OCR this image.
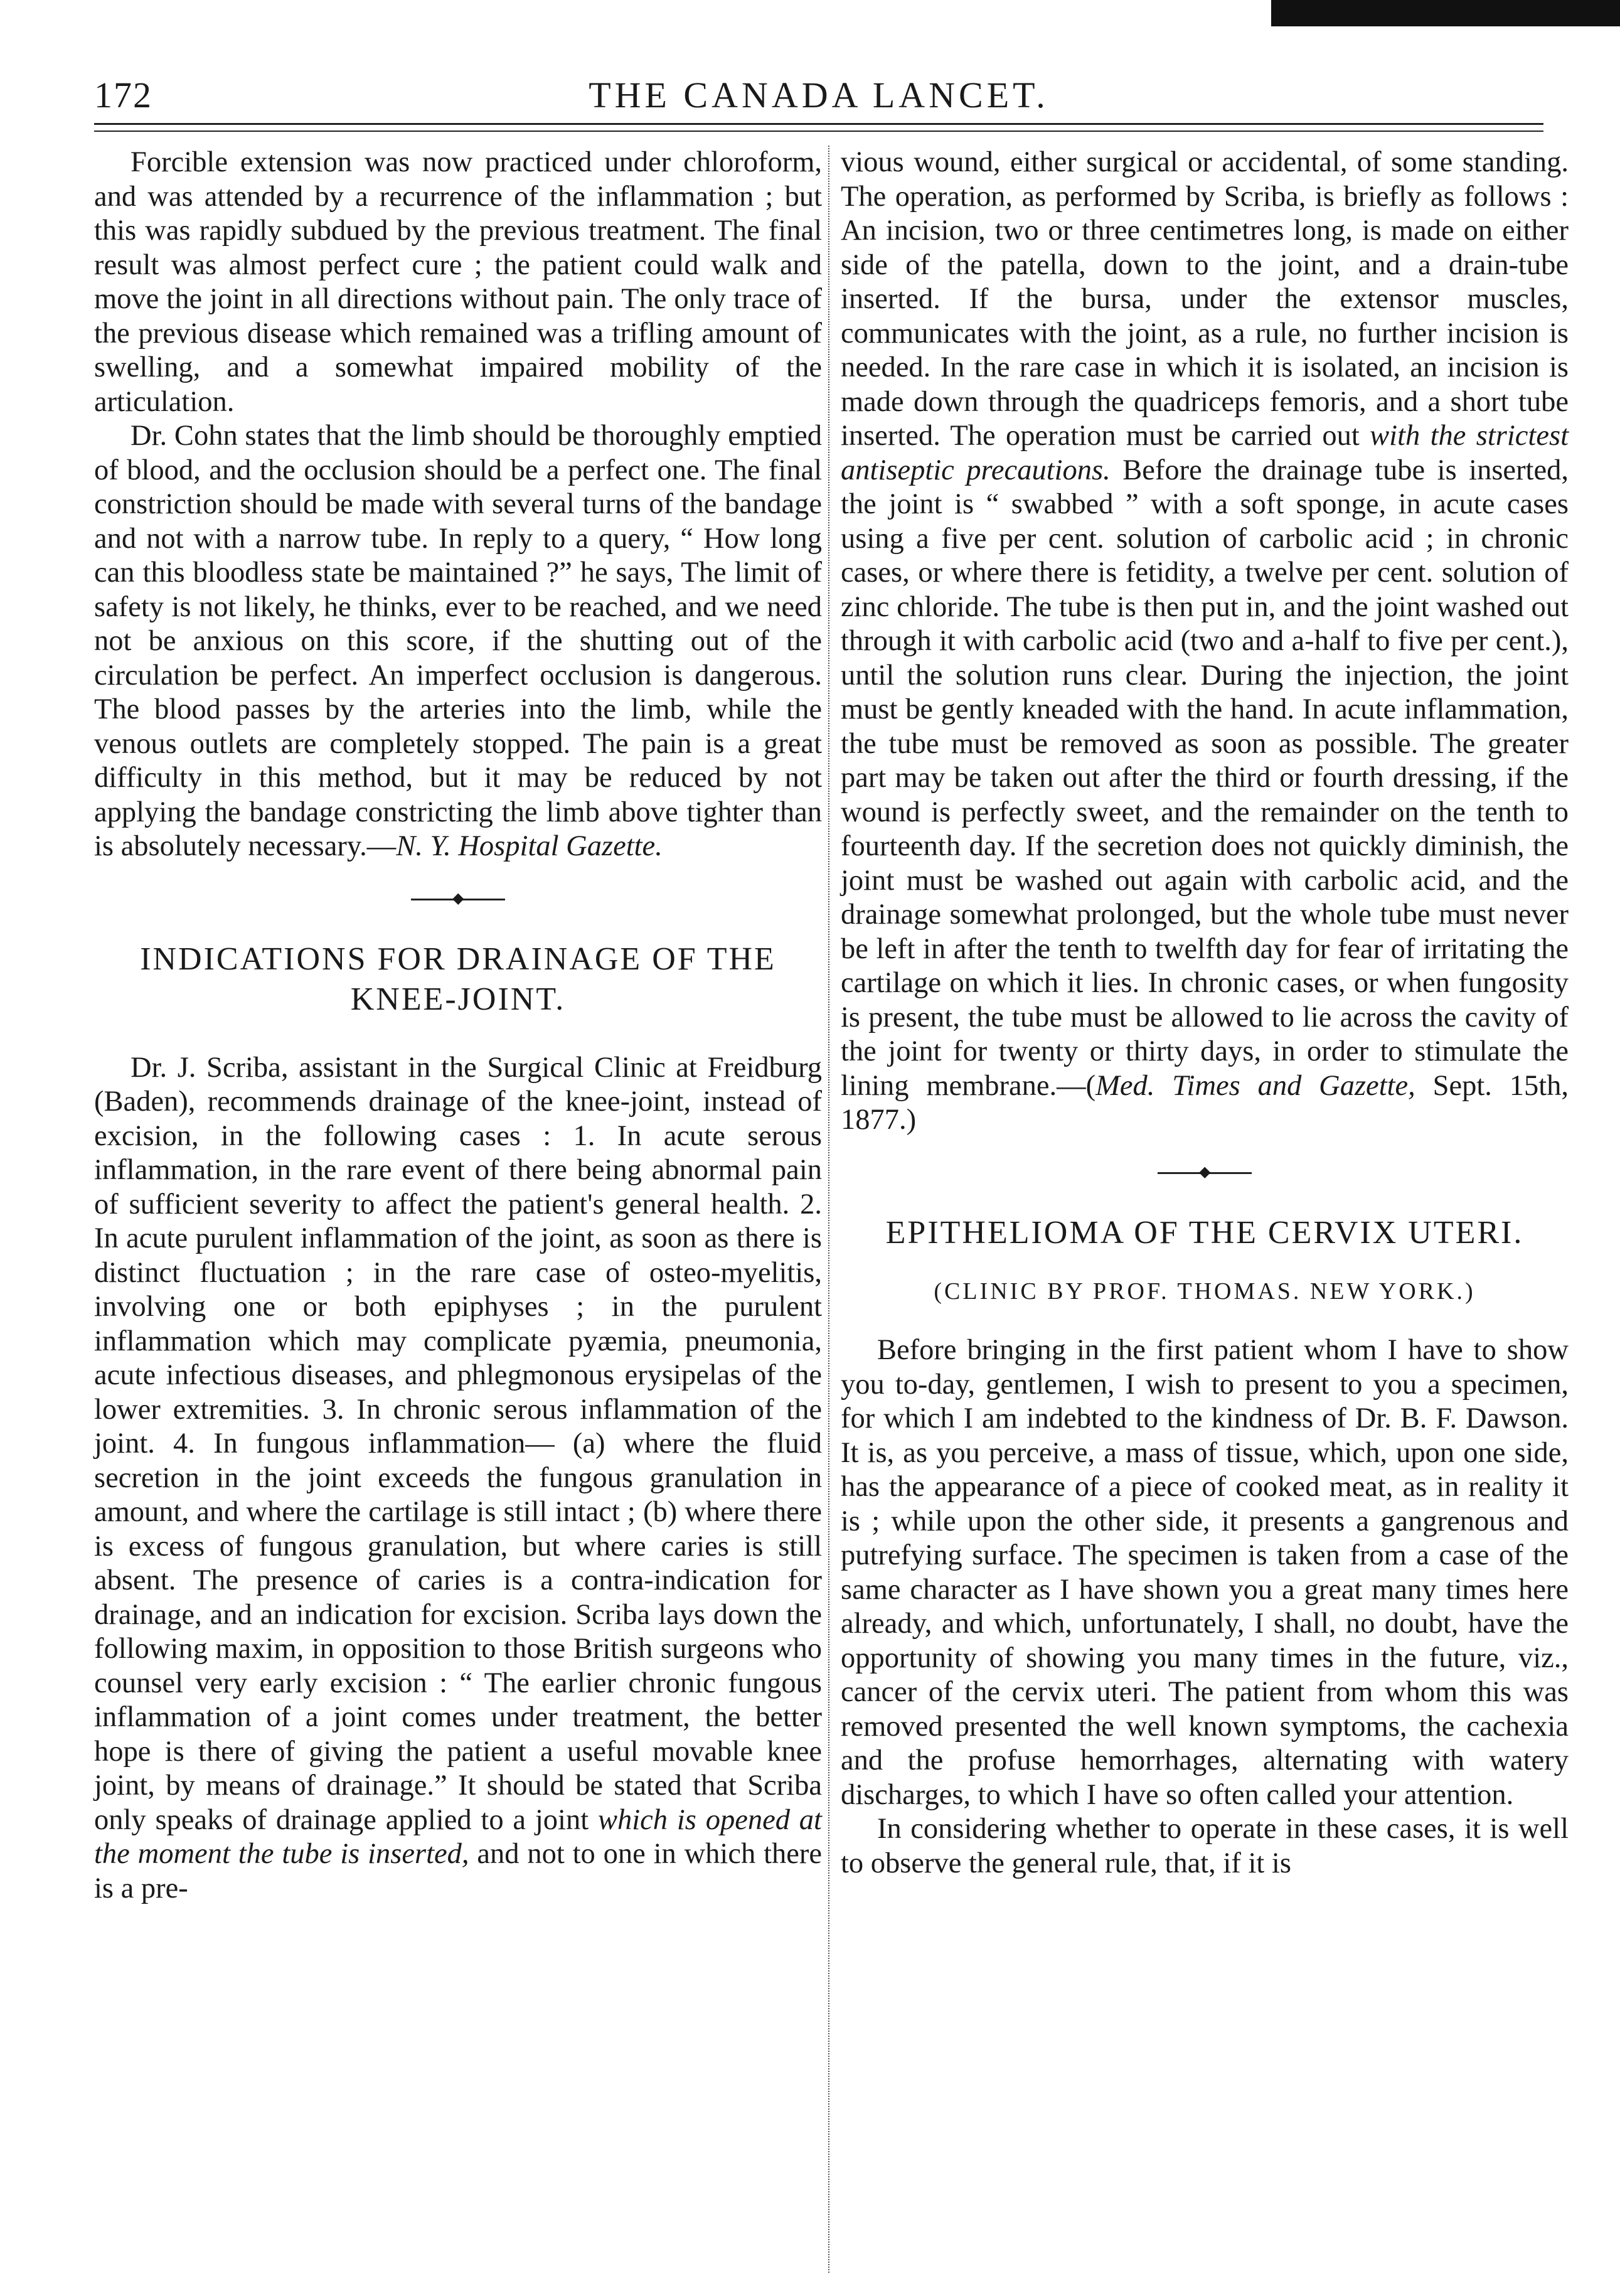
172	THE CANADA LANCET.

Forcible extension was now practiced under chloroform, and was attended by a recurrence of the inflammation ; but this was rapidly subdued by the previous treatment. The final result was almost perfect cure ; the patient could walk and move the joint in all directions without pain. The only trace of the previous disease which remained was a trifling amount of swelling, and a somewhat impaired mobility of the articulation.

Dr. Cohn states that the limb should be thoroughly emptied of blood, and the occlusion should be a perfect one. The final constriction should be made with several turns of the bandage and not with a narrow tube. In reply to a query, “ How long can this bloodless state be maintained ?” he says, The limit of safety is not likely, he thinks, ever to be reached, and we need not be anxious on this score, if the shutting out of the circulation be perfect. An imperfect occlusion is dangerous. The blood passes by the arteries into the limb, while the venous outlets are completely stopped. The pain is a great difficulty in this method, but it may be reduced by not applying the bandage constricting the limb above tighter than is absolutely necessary.—N. Y. Hospital Gazette.

◆
INDICATIONS FOR DRAINAGE OF THE KNEE-JOINT.

Dr. J. Scriba, assistant in the Surgical Clinic at Freidburg (Baden), recommends drainage of the knee-joint, instead of excision, in the following cases : 1. In acute serous inflammation, in the rare event of there being abnormal pain of sufficient severity to affect the patient's general health. 2. In acute purulent inflammation of the joint, as soon as there is distinct fluctuation ; in the rare case of osteo-myelitis, involving one or both epiphyses ; in the purulent inflammation which may complicate pyæmia, pneumonia, acute infectious diseases, and phlegmonous erysipelas of the lower extremities. 3. In chronic serous inflammation of the joint. 4. In fungous inflammation— (a) where the fluid secretion in the joint exceeds the fungous granulation in amount, and where the cartilage is still intact ; (b) where there is excess of fungous granulation, but where caries is still absent. The presence of caries is a contra-indication for drainage, and an indication for excision. Scriba lays down the following maxim, in opposition to those British surgeons who counsel very early excision : “ The earlier chronic fungous inflammation of a joint comes under treatment, the better hope is there of giving the patient a useful movable knee joint, by means of drainage.” It should be stated that Scriba only speaks of drainage applied to a joint which is opened at the moment the tube is inserted, and not to one in which there is a pre-

vious wound, either surgical or accidental, of some standing. The operation, as performed by Scriba, is briefly as follows : An incision, two or three centimetres long, is made on either side of the patella, down to the joint, and a drain-tube inserted. If the bursa, under the extensor muscles, communicates with the joint, as a rule, no further incision is needed. In the rare case in which it is isolated, an incision is made down through the quadriceps femoris, and a short tube inserted. The operation must be carried out with the strictest antiseptic precautions. Before the drainage tube is inserted, the joint is “ swabbed ” with a soft sponge, in acute cases using a five per cent. solution of carbolic acid ; in chronic cases, or where there is fetidity, a twelve per cent. solution of zinc chloride. The tube is then put in, and the joint washed out through it with carbolic acid (two and a-half to five per cent.), until the solution runs clear. During the injection, the joint must be gently kneaded with the hand. In acute inflammation, the tube must be removed as soon as possible. The greater part may be taken out after the third or fourth dressing, if the wound is perfectly sweet, and the remainder on the tenth to fourteenth day. If the secretion does not quickly diminish, the joint must be washed out again with carbolic acid, and the drainage somewhat prolonged, but the whole tube must never be left in after the tenth to twelfth day for fear of irritating the cartilage on which it lies. In chronic cases, or when fungosity is present, the tube must be allowed to lie across the cavity of the joint for twenty or thirty days, in order to stimulate the lining membrane.—(Med. Times and Gazette, Sept. 15th, 1877.)

◆
EPITHELIOMA OF THE CERVIX UTERI.
(CLINIC BY PROF. THOMAS. NEW YORK.)

Before bringing in the first patient whom I have to show you to-day, gentlemen, I wish to present to you a specimen, for which I am indebted to the kindness of Dr. B. F. Dawson. It is, as you perceive, a mass of tissue, which, upon one side, has the appearance of a piece of cooked meat, as in reality it is ; while upon the other side, it presents a gangrenous and putrefying surface. The specimen is taken from a case of the same character as I have shown you a great many times here already, and which, unfortunately, I shall, no doubt, have the opportunity of showing you many times in the future, viz., cancer of the cervix uteri. The patient from whom this was removed presented the well known symptoms, the cachexia and the profuse hemorrhages, alternating with watery discharges, to which I have so often called your attention.

In considering whether to operate in these cases, it is well to observe the general rule, that, if it is
